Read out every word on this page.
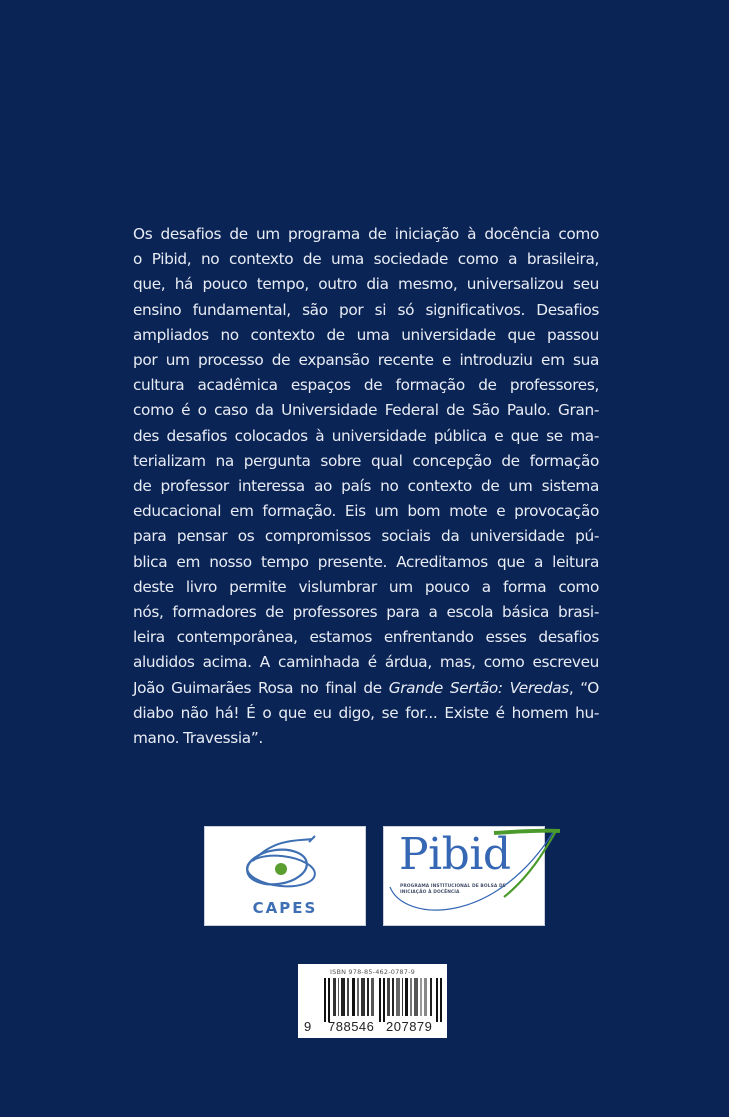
Os desafios de um programa de iniciação à docência como
o Pibid, no contexto de uma sociedade como a brasileira,
que, há pouco tempo, outro dia mesmo, universalizou seu
ensino fundamental, são por si só significativos. Desafios
ampliados no contexto de uma universidade que passou
por um processo de expansão recente e introduziu em sua
cultura acadêmica espaços de formação de professores,
como é o caso da Universidade Federal de São Paulo. Gran-
des desafios colocados à universidade pública e que se ma-
terializam na pergunta sobre qual concepção de formação
de professor interessa ao país no contexto de um sistema
educacional em formação. Eis um bom mote e provocação
para pensar os compromissos sociais da universidade pú-
blica em nosso tempo presente. Acreditamos que a leitura
deste livro permite vislumbrar um pouco a forma como
nós, formadores de professores para a escola básica brasi-
leira contemporânea, estamos enfrentando esses desafios
aludidos acima. A caminhada é árdua, mas, como escreveu
João Guimarães Rosa no final de Grande Sertão: Veredas, “O
diabo não há! É o que eu digo, se for... Existe é homem hu-
mano. Travessia”.
CAPES
Pibid
PROGRAMA INSTITUCIONAL DE BOLSA DE INICIAÇÃO À DOCÊNCIA
ISBN 978-85-462-0787-9
9 788546 207879
